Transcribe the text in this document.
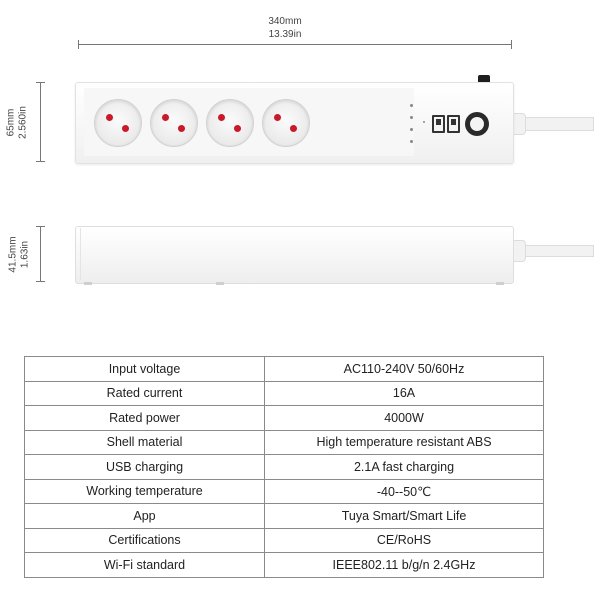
340mm
13.39in
65mm 2.560in
41.5mm 1.63in
Input voltage	AC110-240V 50/60Hz
Rated current	16A
Rated power	4000W
Shell material	High temperature resistant ABS
USB charging	2.1A fast charging
Working temperature	-40--50℃
App	Tuya Smart/Smart Life
Certifications	CE/RoHS
Wi-Fi standard	IEEE802.11 b/g/n 2.4GHz
